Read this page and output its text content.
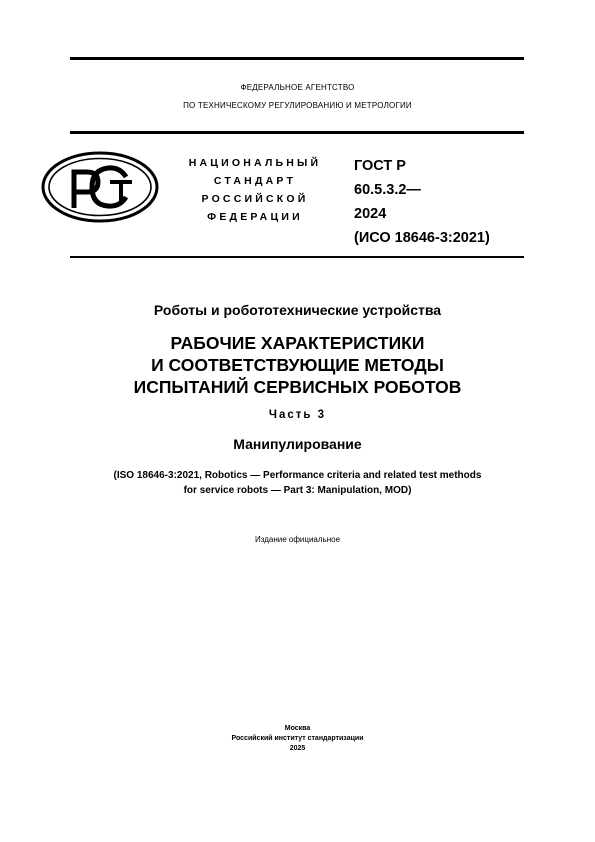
ФЕДЕРАЛЬНОЕ АГЕНТСТВО
ПО ТЕХНИЧЕСКОМУ РЕГУЛИРОВАНИЮ И МЕТРОЛОГИИ
НАЦИОНАЛЬНЫЙ
СТАНДАРТ
РОССИЙСКОЙ
ФЕДЕРАЦИИ
ГОСТ Р
60.5.3.2—
2024
(ИСО 18646-3:2021)
Роботы и робототехнические устройства
РАБОЧИЕ ХАРАКТЕРИСТИКИ
И СООТВЕТСТВУЮЩИЕ МЕТОДЫ
ИСПЫТАНИЙ СЕРВИСНЫХ РОБОТОВ
Часть 3
Манипулирование
(ISO 18646-3:2021, Robotics — Performance criteria and related test methods
for service robots — Part 3: Manipulation, MOD)
Издание официальное
Москва
Российский институт стандартизации
2025
